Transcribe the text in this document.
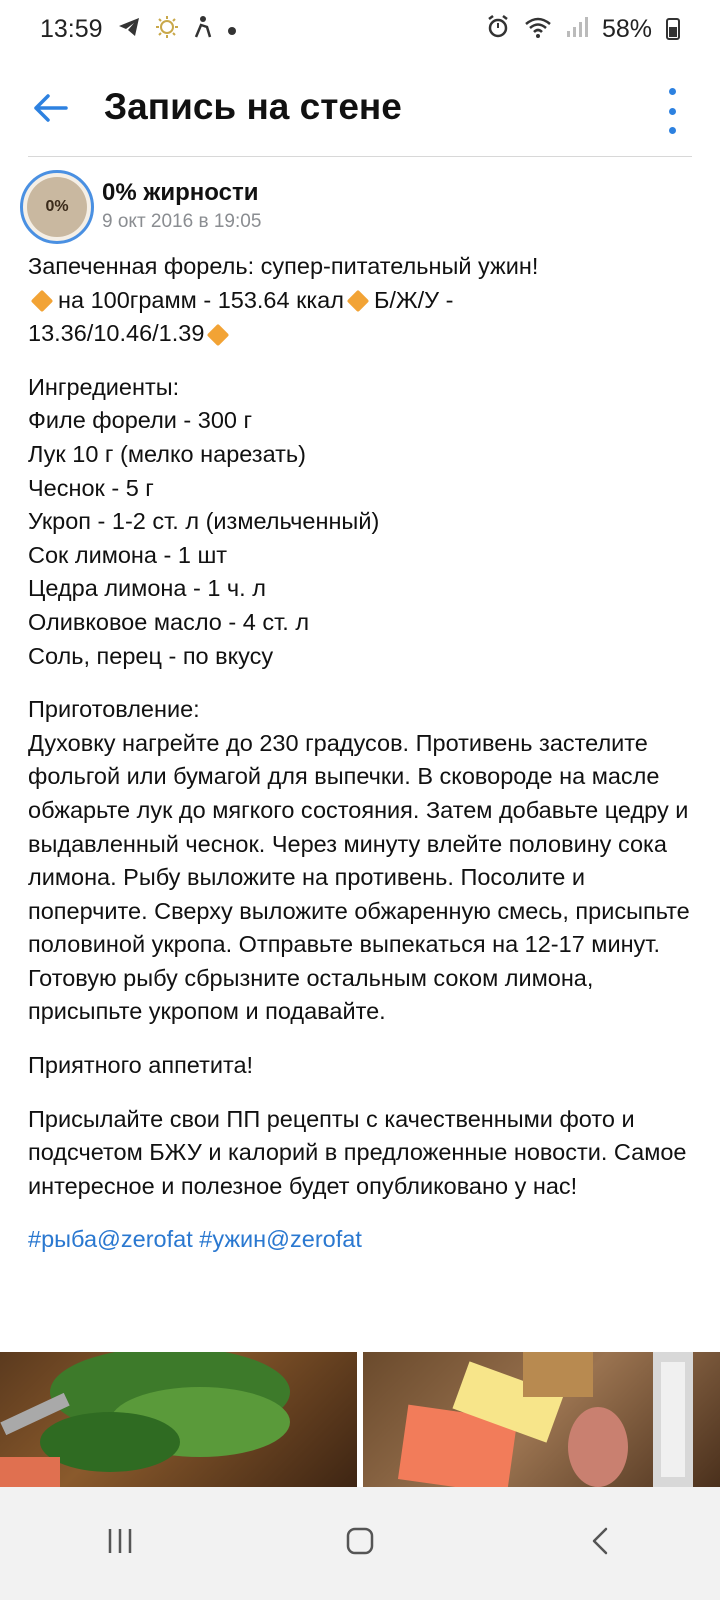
13:59	58%
Запись на стене
0%
0% жирности
9 окт 2016 в 19:05

Запеченная форель: супер-питательный ужин!
на 100грамм - 153.64 ккал Б/Ж/У -
13.36/10.46/1.39

Ингредиенты:
Филе форели - 300 г
Лук 10 г (мелко нарезать)
Чеснок - 5 г
Укроп - 1-2 ст. л (измельченный)
Сок лимона - 1 шт
Цедра лимона - 1 ч. л
Оливковое масло - 4 ст. л
Соль, перец - по вкусу

Приготовление:
Духовку нагрейте до 230 градусов. Противень застелите фольгой или бумагой для выпечки. В сковороде на масле обжарьте лук до мягкого состояния. Затем добавьте цедру и выдавленный чеснок. Через минуту влейте половину сока лимона. Рыбу выложите на противень. Посолите и поперчите. Сверху выложите обжаренную смесь, присыпьте половиной укропа. Отправьте выпекаться на 12-17 минут. Готовую рыбу сбрызните остальным соком лимона, присыпьте укропом и подавайте.

Приятного аппетита!

Присылайте свои ПП рецепты с качественными фото и подсчетом БЖУ и калорий в предложенные новости. Самое интересное и полезное будет опубликовано у нас!

#рыба@zerofat #ужин@zerofat
